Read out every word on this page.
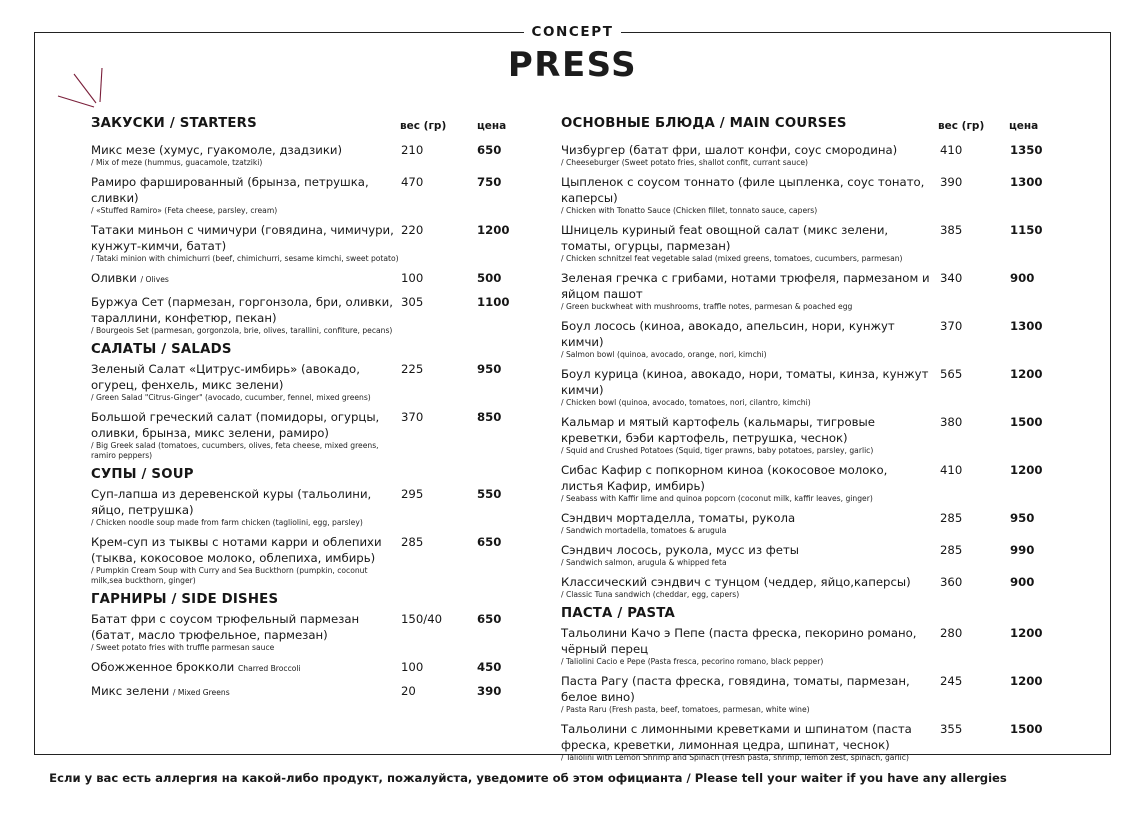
CONCEPT
PRESS
ЗАКУСКИ / STARTERS	вес (гр)	цена
Микс мезе (хумус, гуакомоле, дзадзики)
/ Mix of meze (hummus, guacamole, tzatziki)
210	650
Рамиро фаршированный (брынза, петрушка, сливки)
/ «Stuffed Ramiro» (Feta cheese, parsley, cream)
470	750
Татаки миньон с чимичури (говядина, чимичури, кунжут-кимчи, батат)
/ Tataki minion with chimichurri (beef, chimichurri, sesame kimchi, sweet potato)
220	1200
Оливки / Olives	100	500
Буржуа Сет (пармезан, горгонзола, бри, оливки, тараллини, конфетюр, пекан)
/ Bourgeois Set (parmesan, gorgonzola, brie, olives, tarallini, confiture, pecans)
305	1100
САЛАТЫ / SALADS
Зеленый Салат «Цитрус-имбирь» (авокадо, огурец, фенхель, микс зелени)
/ Green Salad "Citrus-Ginger" (avocado, cucumber, fennel, mixed greens)
225	950
Большой греческий салат (помидоры, огурцы, оливки, брынза, микс зелени, рамиро)
/ Big Greek salad (tomatoes, cucumbers, olives, feta cheese, mixed greens, ramiro peppers)
370	850
СУПЫ / SOUP
Суп-лапша из деревенской куры (тальолини, яйцо, петрушка)
/ Chicken noodle soup made from farm chicken (tagliolini, egg, parsley)
295	550
Крем-суп из тыквы с нотами карри и облепихи (тыква, кокосовое молоко, облепиха, имбирь)
/ Pumpkin Cream Soup with Curry and Sea Buckthorn (pumpkin, coconut milk,sea buckthorn, ginger)
285	650
ГАРНИРЫ / SIDE DISHES
Батат фри с соусом трюфельный пармезан (батат, масло трюфельное, пармезан)
/ Sweet potato fries with truffle parmesan sauce
150/40	650
Обожженное брокколи Charred Broccoli	100	450
Микс зелени / Mixed Greens	20	390
ОСНОВНЫЕ БЛЮДА / MAIN COURSES	вес (гр) цена
Чизбургер (батат фри, шалот конфи, соус смородина)
/ Cheeseburger (Sweet potato fries, shallot confit, currant sauce)
410	1350
Цыпленок с соусом тоннато (филе цыпленка, соус тонато, каперсы)
/ Chicken with Tonatto Sauce (Chicken fillet, tonnato sauce, capers)
390	1300
Шницель куриный feat овощной салат (микс зелени, томаты, огурцы, пармезан)
/ Chicken schnitzel feat vegetable salad (mixed greens, tomatoes, cucumbers, parmesan)
385	1150
Зеленая гречка с грибами, нотами трюфеля, пармезаном и яйцом пашот
/ Green buckwheat with mushrooms, traffle notes, parmesan & poached egg
340	900
Боул лосось (киноа, авокадо, апельсин, нори, кунжут кимчи)
/ Salmon bowl (quinoa, avocado, orange, nori, kimchi)
370	1300
Боул курица (киноа, авокадо, нори, томаты, кинза, кунжут кимчи)
/ Chicken bowl (quinoa, avocado, tomatoes, nori, cilantro, kimchi)
565	1200
Кальмар и мятый картофель (кальмары, тигровые креветки, бэби картофель, петрушка, чеснок)
/ Squid and Crushed Potatoes (Squid, tiger prawns, baby potatoes, parsley, garlic)
380	1500
Сибас Кафир с попкорном киноа (кокосовое молоко, листья Кафир, имбирь)
/ Seabass with Kaffir lime and quinoa popcorn (coconut milk, kaffir leaves, ginger)
410	1200
Сэндвич мортаделла, томаты, рукола
/ Sandwich mortadella, tomatoes & arugula
285	950
Сэндвич лосось, рукола, мусс из феты
/ Sandwich salmon, arugula & whipped feta
285	990
Классический сэндвич с тунцом (чеддер, яйцо,каперсы)
/ Classic Tuna sandwich (cheddar, egg, capers)
360	900
ПАСТА / PASTA
Тальолини Качо э Пепе (паста фреска, пекорино романо, чёрный перец
/ Taliolini Cacio e Pepe (Pasta fresca, pecorino romano, black pepper)
280	1200
Паста Рагу (паста фреска, говядина, томаты, пармезан, белое вино)
/ Pasta Raru (Fresh pasta, beef, tomatoes, parmesan, white wine)
245	1200
Тальолини с лимонными креветками и шпинатом (паста фреска, креветки, лимонная цедра, шпинат, чеснок)
/ Taliolini with Lemon Shrimp and Spinach (Fresh pasta, shrimp, lemon zest, spinach, garlic)
355	1500
Если у вас есть аллергия на какой-либо продукт, пожалуйста, уведомите об этом официанта / Please tell your waiter if you have any allergies
